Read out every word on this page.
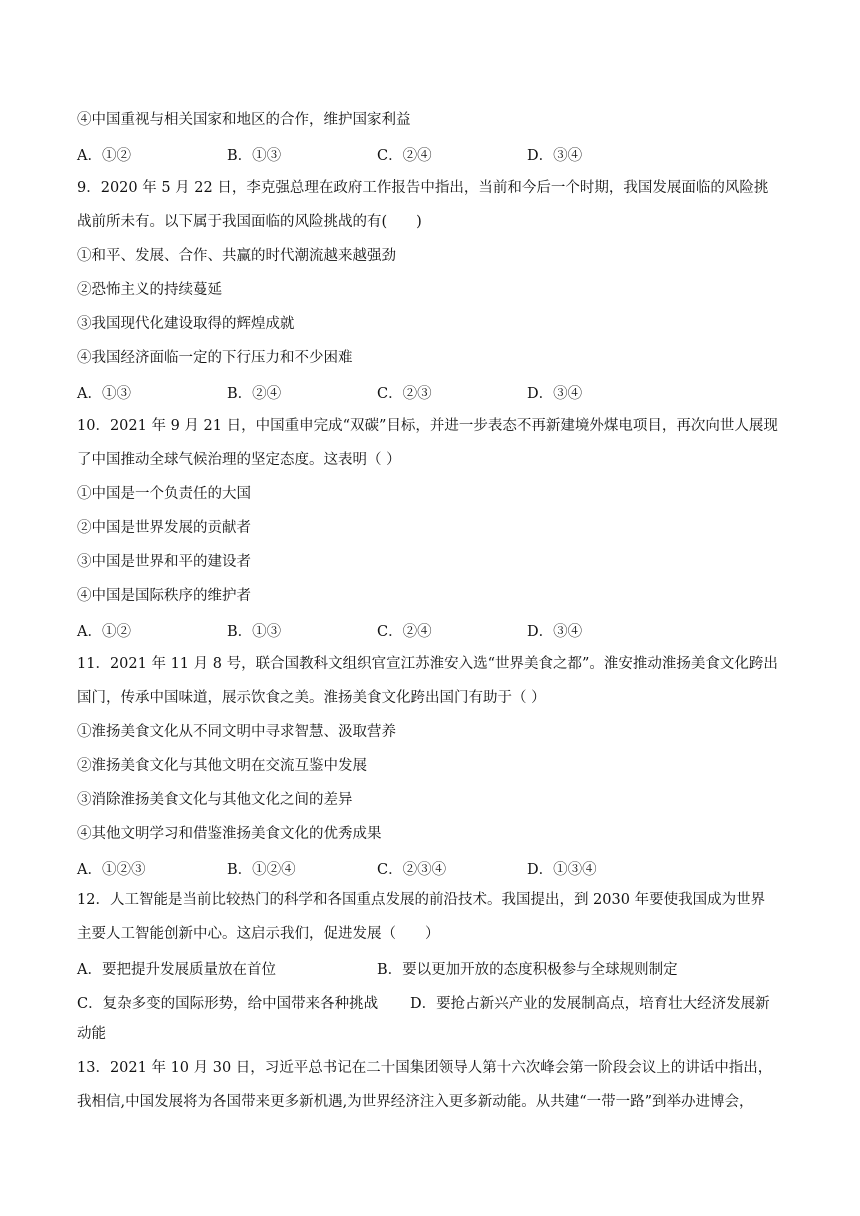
④中国重视与相关国家和地区的合作，维护国家利益
A．①②	B．①③	C．②④	D．③④
9．2020 年 5 月 22 日，李克强总理在政府工作报告中指出，当前和今后一个时期，我国发展面临的风险挑
战前所未有。以下属于我国面临的风险挑战的有(　　)
①和平、发展、合作、共赢的时代潮流越来越强劲
②恐怖主义的持续蔓延
③我国现代化建设取得的辉煌成就
④我国经济面临一定的下行压力和不少困难
A．①③	B．②④	C．②③	D．③④
10．2021 年 9 月 21 日，中国重申完成“双碳”目标，并进一步表态不再新建境外煤电项目，再次向世人展现
了中国推动全球气候治理的坚定态度。这表明（ ）
①中国是一个负责任的大国
②中国是世界发展的贡献者
③中国是世界和平的建设者
④中国是国际秩序的维护者
A．①②	B．①③	C．②④	D．③④
11．2021 年 11 月 8 号，联合国教科文组织官宣江苏淮安入选“世界美食之都”。淮安推动淮扬美食文化跨出
国门，传承中国味道，展示饮食之美。淮扬美食文化跨出国门有助于（ ）
①淮扬美食文化从不同文明中寻求智慧、汲取营养
②淮扬美食文化与其他文明在交流互鉴中发展
③消除淮扬美食文化与其他文化之间的差异
④其他文明学习和借鉴淮扬美食文化的优秀成果
A．①②③	B．①②④	C．②③④	D．①③④
12．人工智能是当前比较热门的科学和各国重点发展的前沿技术。我国提出，到 2030 年要使我国成为世界
主要人工智能创新中心。这启示我们，促进发展（　　）
A．要把提升发展质量放在首位	B．要以更加开放的态度积极参与全球规则制定
C．复杂多变的国际形势，给中国带来各种挑战 D．要抢占新兴产业的发展制高点，培育壮大经济发展新
动能
13．2021 年 10 月 30 日，习近平总书记在二十国集团领导人第十六次峰会第一阶段会议上的讲话中指出，
我相信,中国发展将为各国带来更多新机遇,为世界经济注入更多新动能。从共建“一带一路”到举办进博会，
